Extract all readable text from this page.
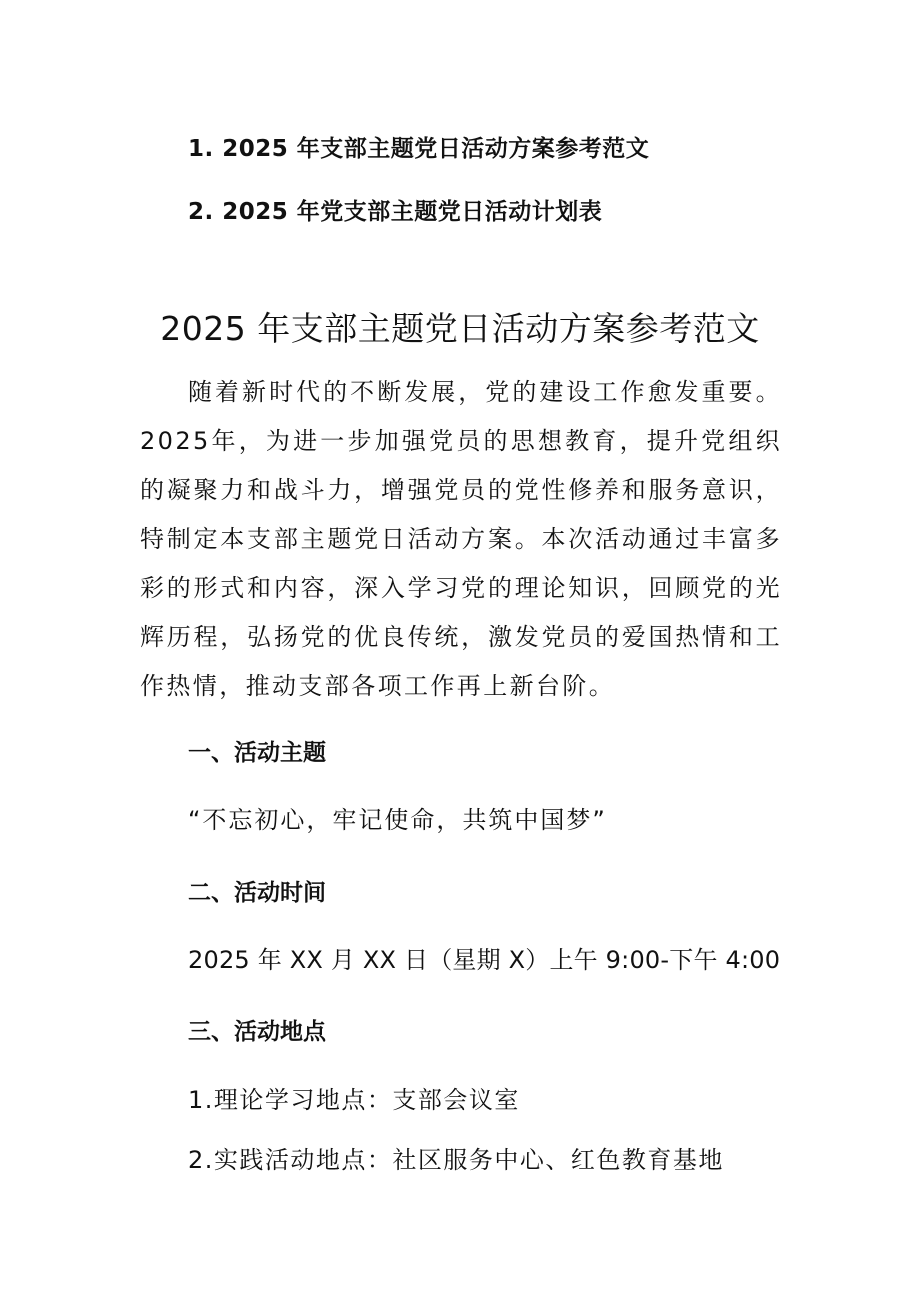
1. 2025 年支部主题党日活动方案参考范文
2. 2025 年党支部主题党日活动计划表
2025 年支部主题党日活动方案参考范文

随着新时代的不断发展，党的建设工作愈发重要。2025年，为进一步加强党员的思想教育，提升党组织的凝聚力和战斗力，增强党员的党性修养和服务意识，特制定本支部主题党日活动方案。本次活动通过丰富多彩的形式和内容，深入学习党的理论知识，回顾党的光辉历程，弘扬党的优良传统，激发党员的爱国热情和工作热情，推动支部各项工作再上新台阶。

一、活动主题
“不忘初心，牢记使命，共筑中国梦”
二、活动时间
2025 年 XX 月 XX 日（星期 X）上午 9:00-下午 4:00
三、活动地点
1.理论学习地点：支部会议室
2.实践活动地点：社区服务中心、红色教育基地
